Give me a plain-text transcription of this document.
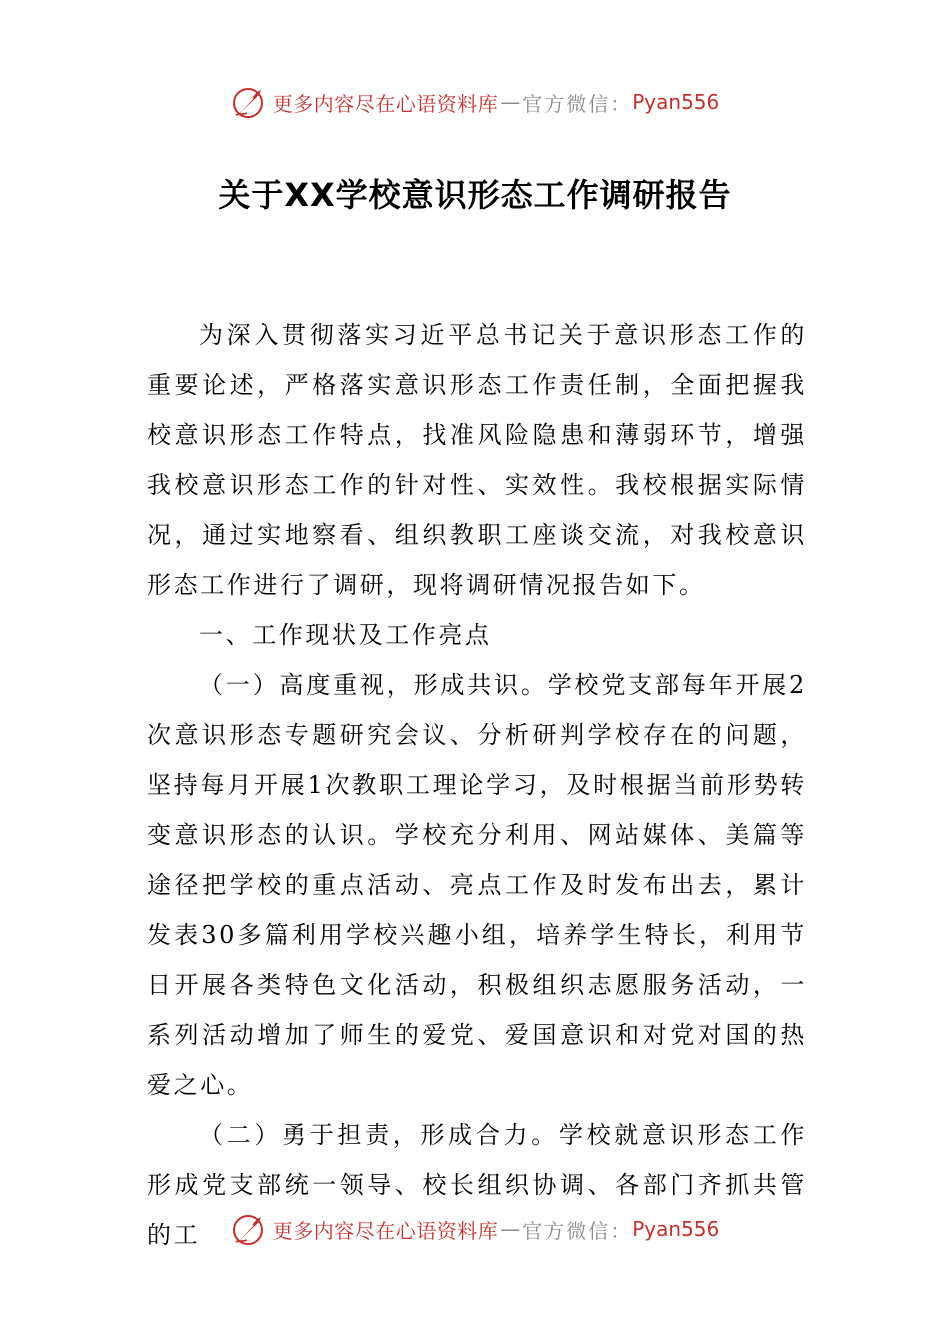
更多内容尽在心语资料库 — 官方微信： Pyan556
关于XX学校意识形态工作调研报告

为深入贯彻落实习近平总书记关于意识形态工作的重要论述，严格落实意识形态工作责任制，全面把握我校意识形态工作特点，找准风险隐患和薄弱环节，增强我校意识形态工作的针对性、实效性。我校根据实际情况，通过实地察看、组织教职工座谈交流，对我校意识形态工作进行了调研，现将调研情况报告如下。

一、工作现状及工作亮点

（一）高度重视，形成共识。学校党支部每年开展2次意识形态专题研究会议、分析研判学校存在的问题，坚持每月开展1次教职工理论学习，及时根据当前形势转变意识形态的认识。学校充分利用、网站媒体、美篇等途径把学校的重点活动、亮点工作及时发布出去，累计发表30多篇利用学校兴趣小组，培养学生特长，利用节日开展各类特色文化活动，积极组织志愿服务活动，一系列活动增加了师生的爱党、爱国意识和对党对国的热爱之心。

（二）勇于担责，形成合力。学校就意识形态工作形成党支部统一领导、校长组织协调、各部门齐抓共管的工	更多内容尽在心语资料库 — 官方微信： Pyan556
